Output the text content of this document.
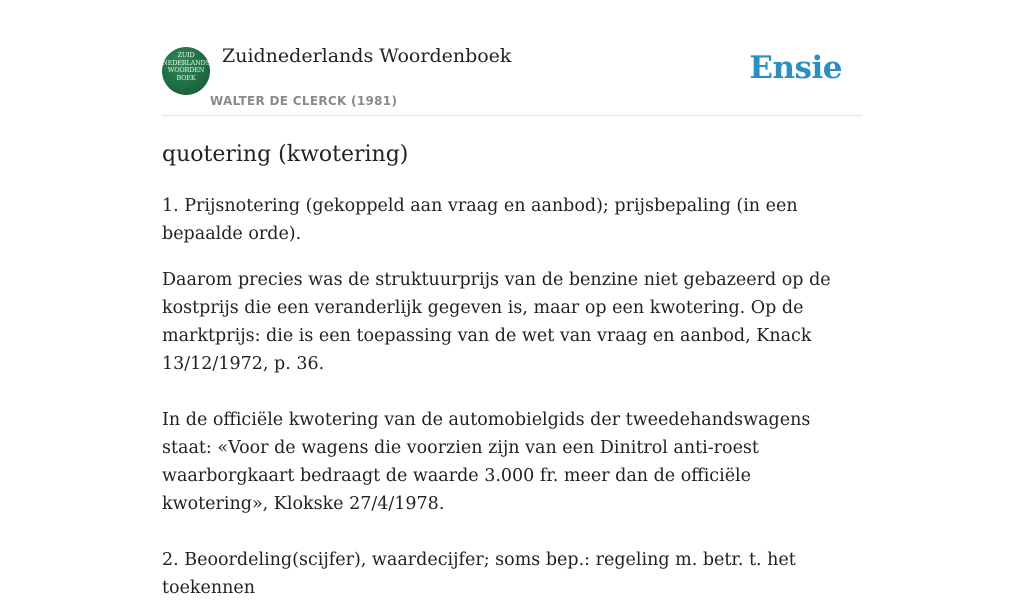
ZUID
NEDERLANDS
WOORDEN
BOEK
Zuidnederlands Woordenboek
WALTER DE CLERCK (1981)
Ensie
quotering (kwotering)

1. Prijsnotering (gekoppeld aan vraag en aanbod); prijsbepaling (in een bepaalde orde).

Daarom precies was de struktuurprijs van de benzine niet gebazeerd op de kostprijs die een veranderlijk gegeven is, maar op een kwotering. Op de marktprijs: die is een toepassing van de wet van vraag en aanbod, Knack 13/12/1972, p. 36.

In de officiële kwotering van de automobielgids der tweedehandswagens staat: «Voor de wagens die voorzien zijn van een Dinitrol anti-roest waarborgkaart bedraagt de waarde 3.000 fr. meer dan de officiële kwotering», Klokske 27/4/1978.

2. Beoordeling(scijfer), waardecijfer; soms bep.: regeling m. betr. t. het toekennen
